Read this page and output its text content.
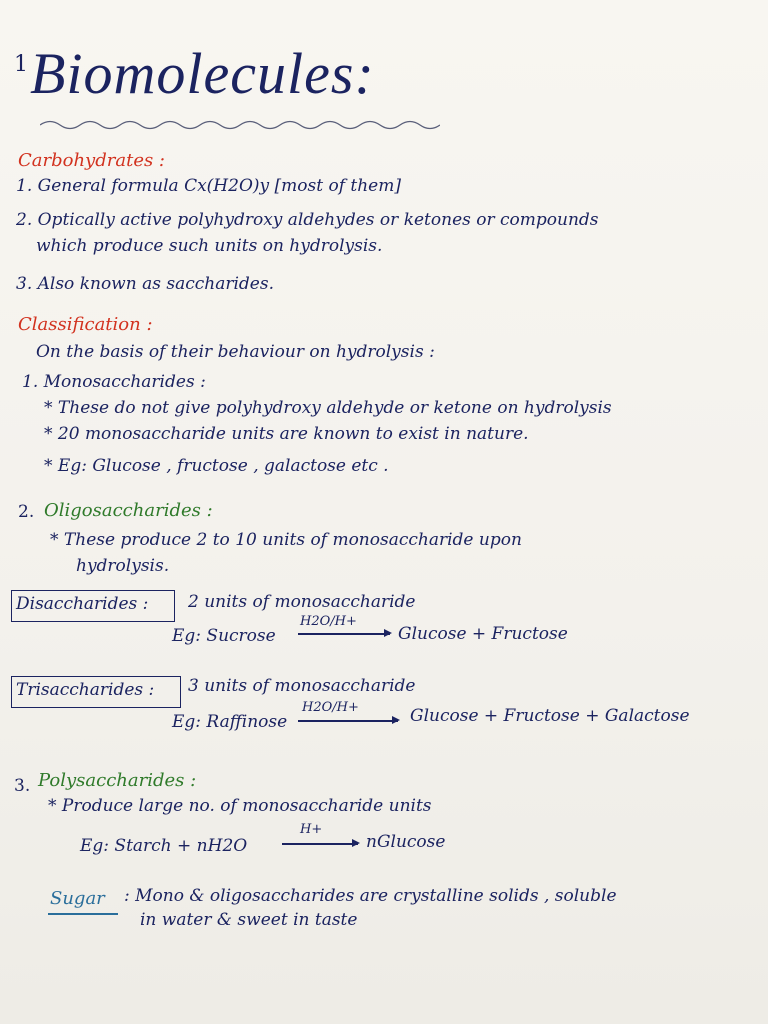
1 Biomolecules:
Carbohydrates :
1. General formula Cx(H2O)y [most of them]
2. Optically active polyhydroxy aldehydes or ketones or compounds
which produce such units on hydrolysis.
3. Also known as saccharides.
Classification :
On the basis of their behaviour on hydrolysis :
1. Monosaccharides :
* These do not give polyhydroxy aldehyde or ketone on hydrolysis
* 20 monosaccharide units are known to exist in nature.
* Eg: Glucose , fructose , galactose etc .
2. Oligosaccharides :
* These produce 2 to 10 units of monosaccharide upon
hydrolysis.
Disaccharides : 2 units of monosaccharide
Eg: Sucrose
H2O/H+
Glucose + Fructose
Trisaccharides : 3 units of monosaccharide
Eg: Raffinose
H2O/H+	Glucose + Fructose + Galactose
3. Polysaccharides :
* Produce large no. of monosaccharide units
Eg: Starch + nH2O
H+
nGlucose
Sugar : Mono & oligosaccharides are crystalline solids , soluble
in water & sweet in taste
